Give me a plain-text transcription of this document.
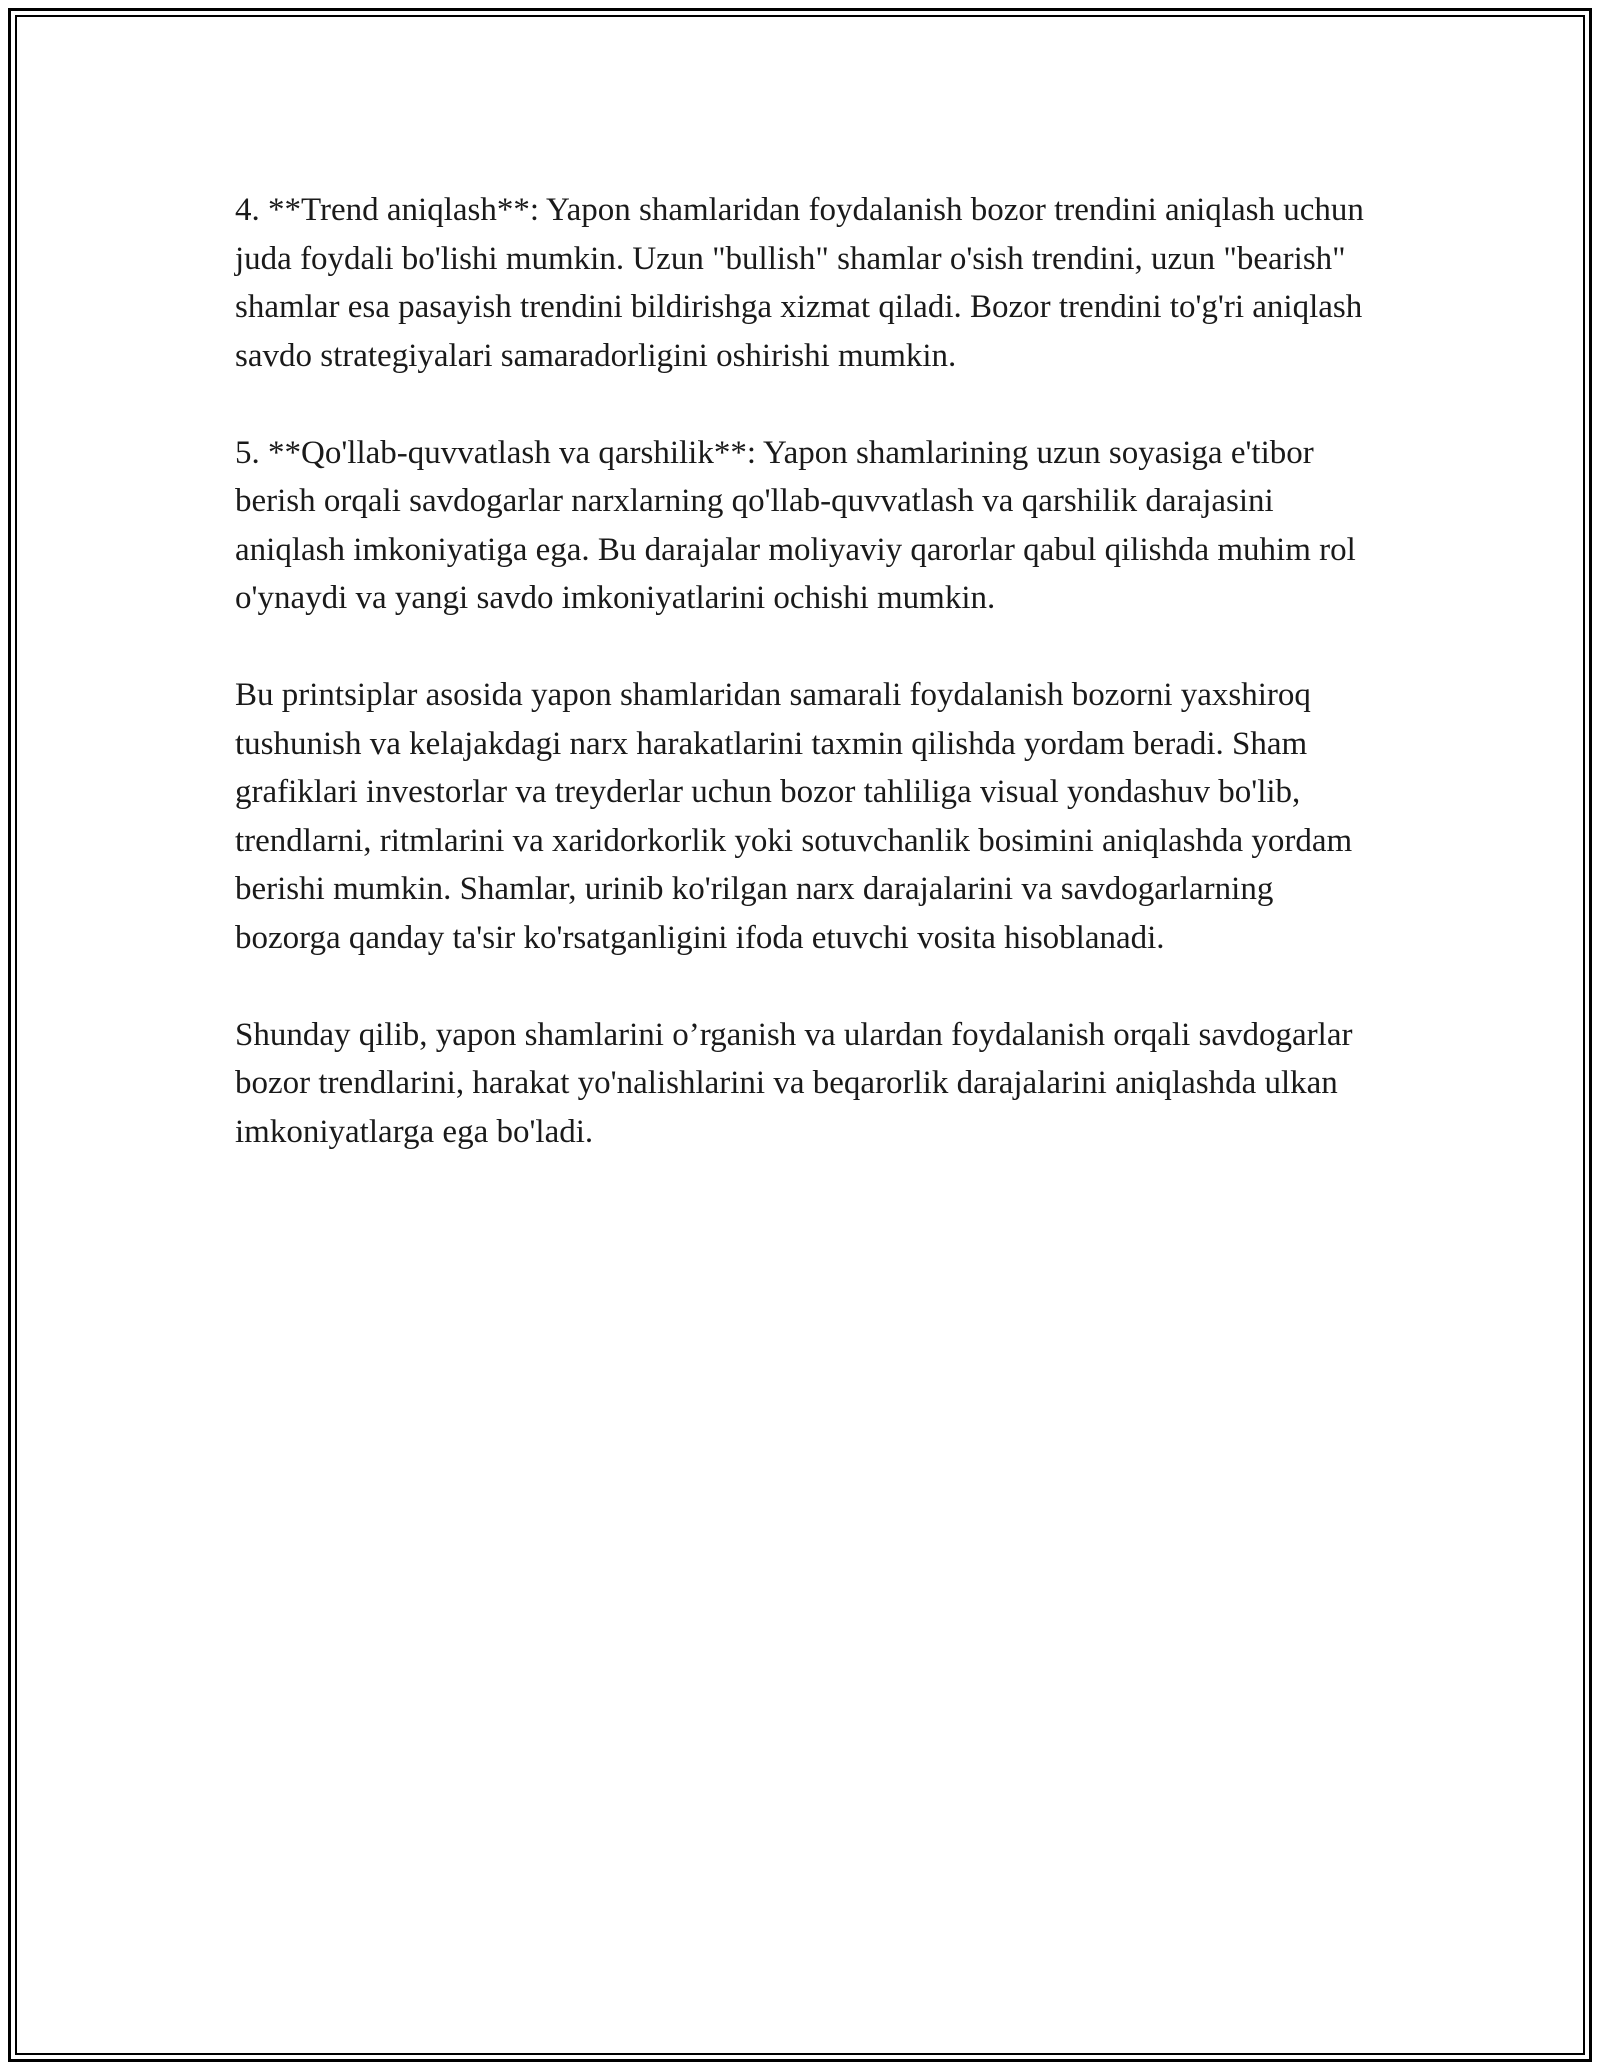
4. **Trend aniqlash**: Yapon shamlaridan foydalanish bozor trendini aniqlash uchun juda foydali bo'lishi mumkin. Uzun "bullish" shamlar o'sish trendini, uzun "bearish" shamlar esa pasayish trendini bildirishga xizmat qiladi. Bozor trendini to'g'ri aniqlash savdo strategiyalari samaradorligini oshirishi mumkin.

5. **Qo'llab-quvvatlash va qarshilik**: Yapon shamlarining uzun soyasiga e'tibor berish orqali savdogarlar narxlarning qo'llab-quvvatlash va qarshilik darajasini aniqlash imkoniyatiga ega. Bu darajalar moliyaviy qarorlar qabul qilishda muhim rol o'ynaydi va yangi savdo imkoniyatlarini ochishi mumkin.

Bu printsiplar asosida yapon shamlaridan samarali foydalanish bozorni yaxshiroq tushunish va kelajakdagi narx harakatlarini taxmin qilishda yordam beradi. Sham grafiklari investorlar va treyderlar uchun bozor tahliliga visual yondashuv bo'lib, trendlarni, ritmlarini va xaridorkorlik yoki sotuvchanlik bosimini aniqlashda yordam berishi mumkin. Shamlar, urinib ko'rilgan narx darajalarini va savdogarlarning bozorga qanday ta'sir ko'rsatganligini ifoda etuvchi vosita hisoblanadi.

Shunday qilib, yapon shamlarini o’rganish va ulardan foydalanish orqali savdogarlar bozor trendlarini, harakat yo'nalishlarini va beqarorlik darajalarini aniqlashda ulkan imkoniyatlarga ega bo'ladi.
